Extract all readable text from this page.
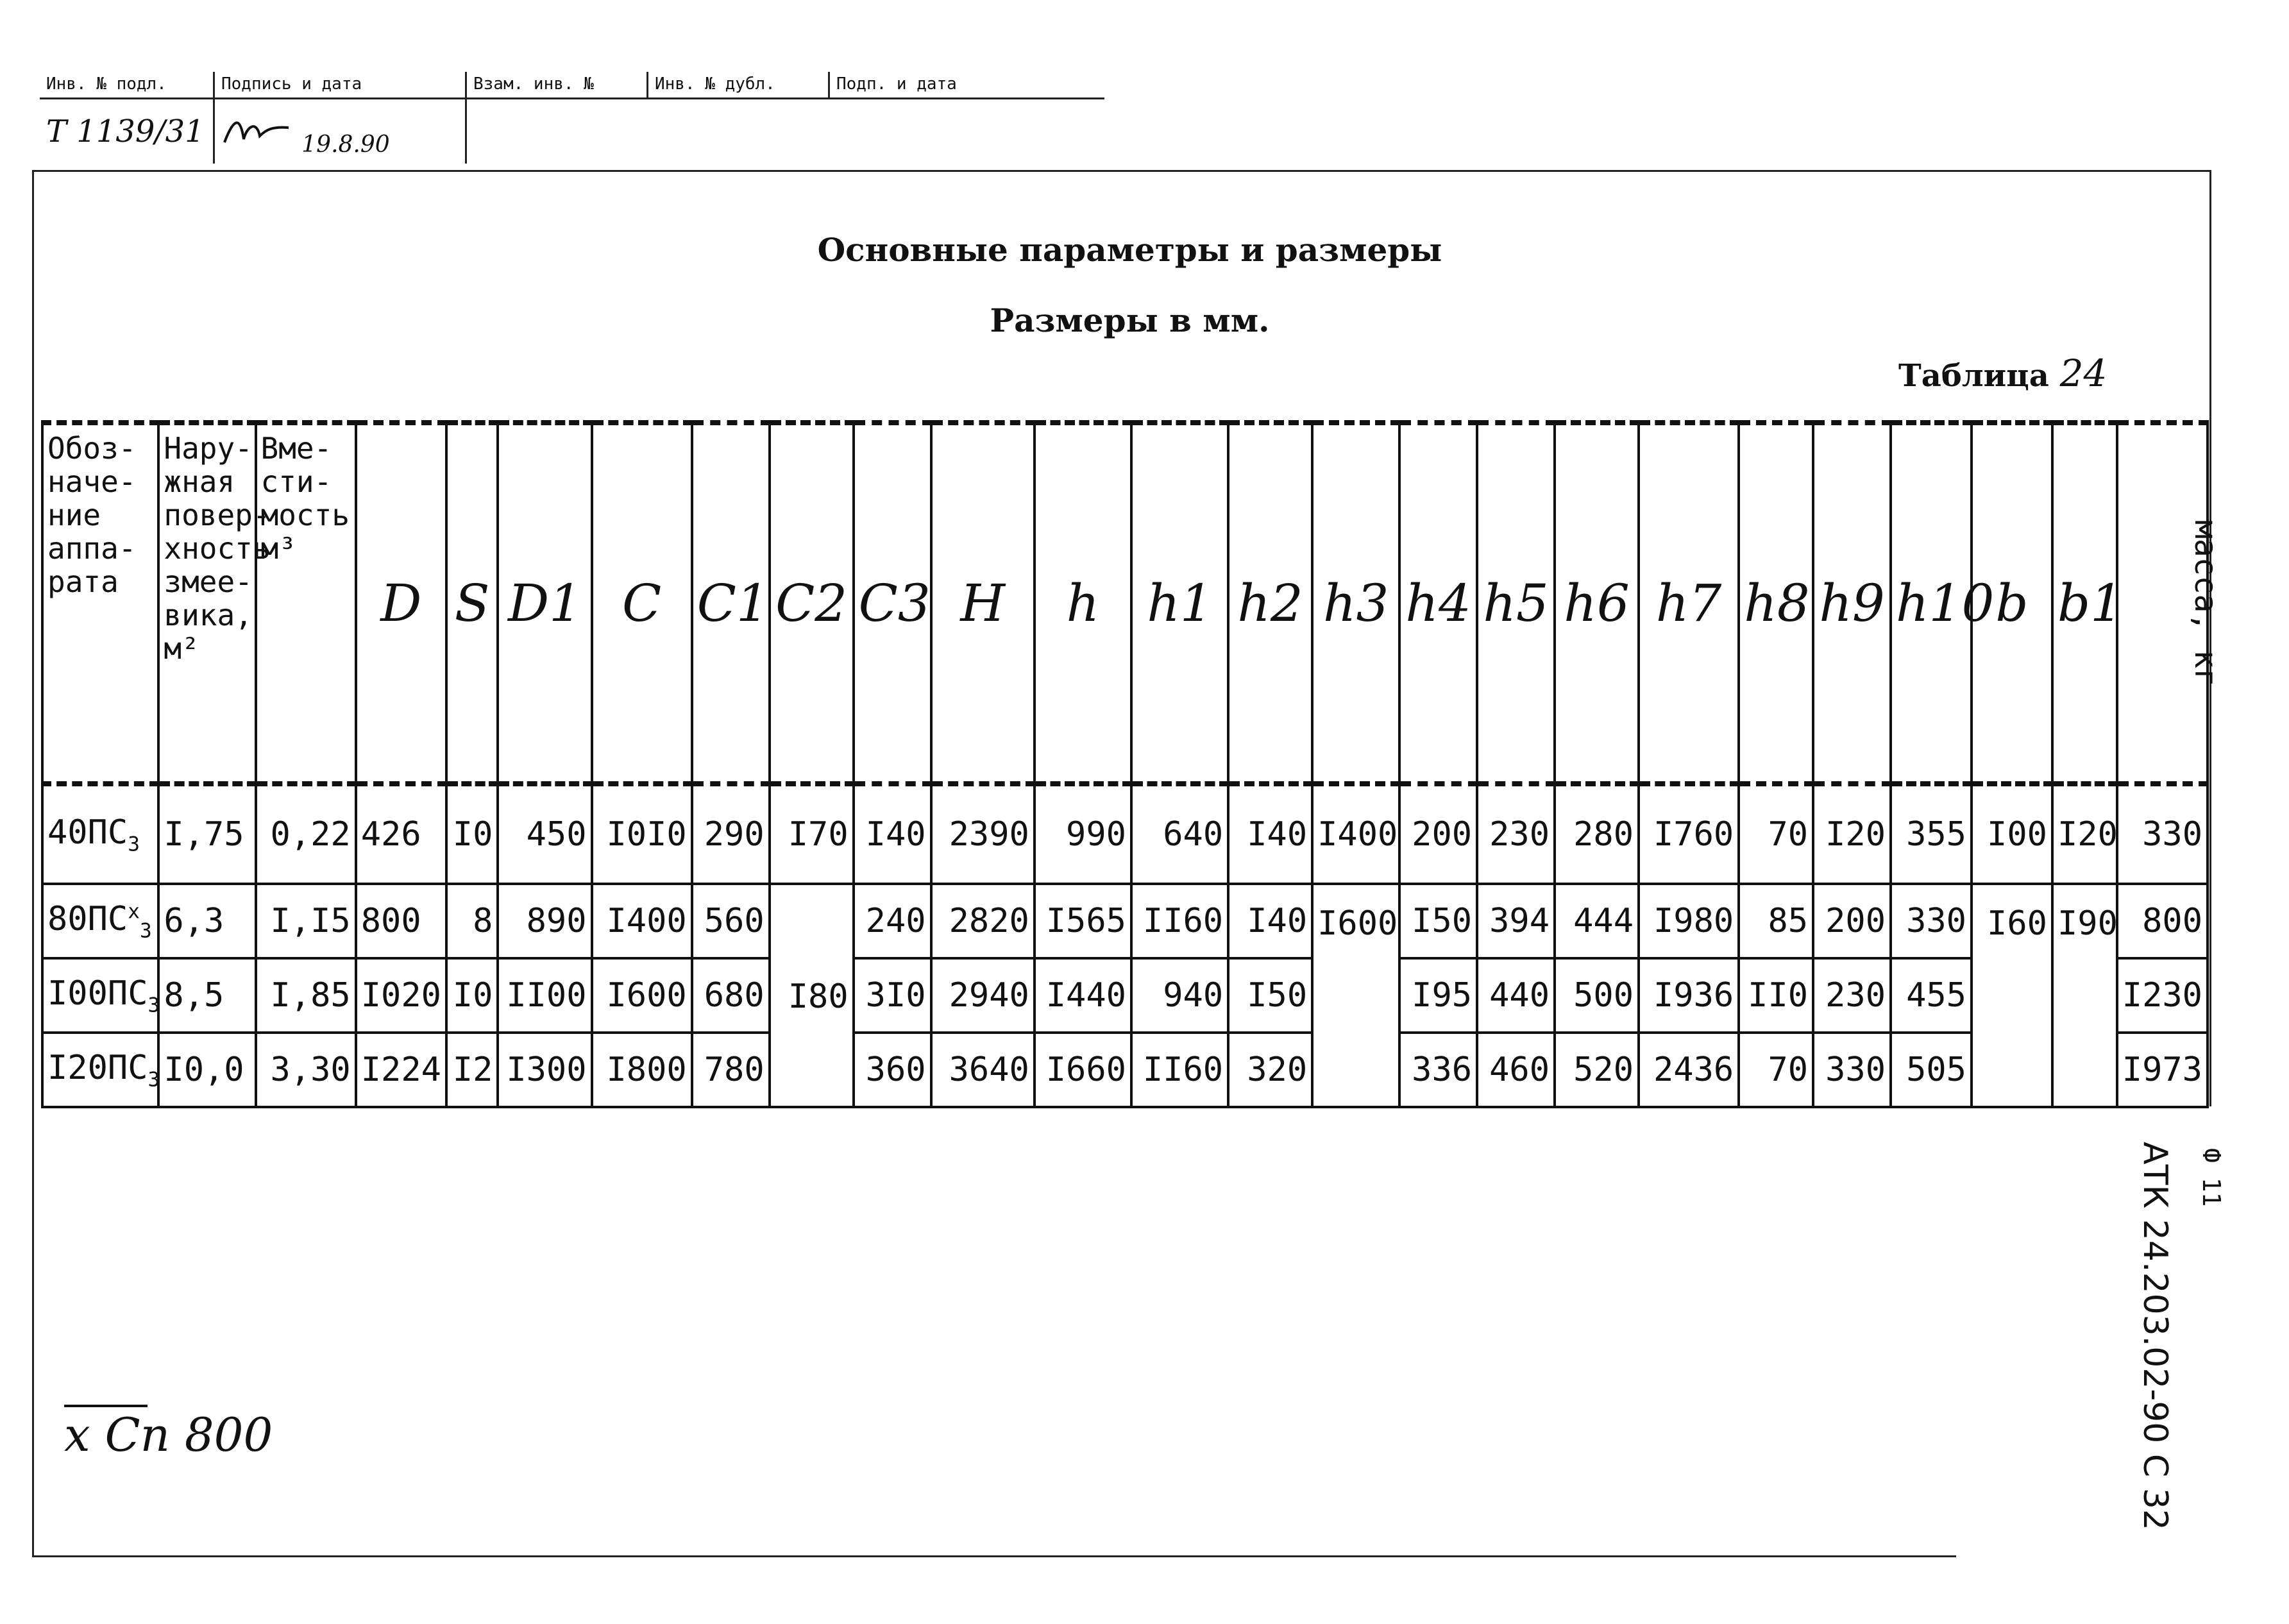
Инв. № подл.	Подпись и дата	Взам. инв. №	Инв. № дубл.	Подп. и дата
Т 1139/31	19.8.90
Основные параметры и размеры
Размеры в мм.
Таблица 24
Обоз-наче-ние аппа-рата	Нару-жная повер-хность змее-вика, м²	Вме-сти-мость м³	D	S	D1	C	C1	C2	C3	H	h	h1	h2	h3	h4	h5	h6	h7	h8	h9	h10	b	b1	масса, кг
$40ПС_3$	I,75	0,22	426	I0	450	I0I0	290	I70	I40	2390	990	640	I40	I400	200	230	280	I760	70	I20	355	I00	I20	330
$80ПС^x_3$	6,3	I,I5	800	8	890	I400	560		240	2820	I565	II60	I40	I600	I50	394	444	I980	85	200	330	I60	I90	800
$I00ПС_3$	8,5	I,85	I020	I0	II00	I600	680	I80	3I0	2940	I440	940	I50		I95	440	500	I936	II0	230	455			I230
$I20ПС_3$	I0,0	3,30	I224	I2	I300	I800	780		360	3640	I660	II60	320		336	460	520	2436	70	330	505			I973
Ф 11
АТК 24.203.02-90 С 32
x Сп 800
